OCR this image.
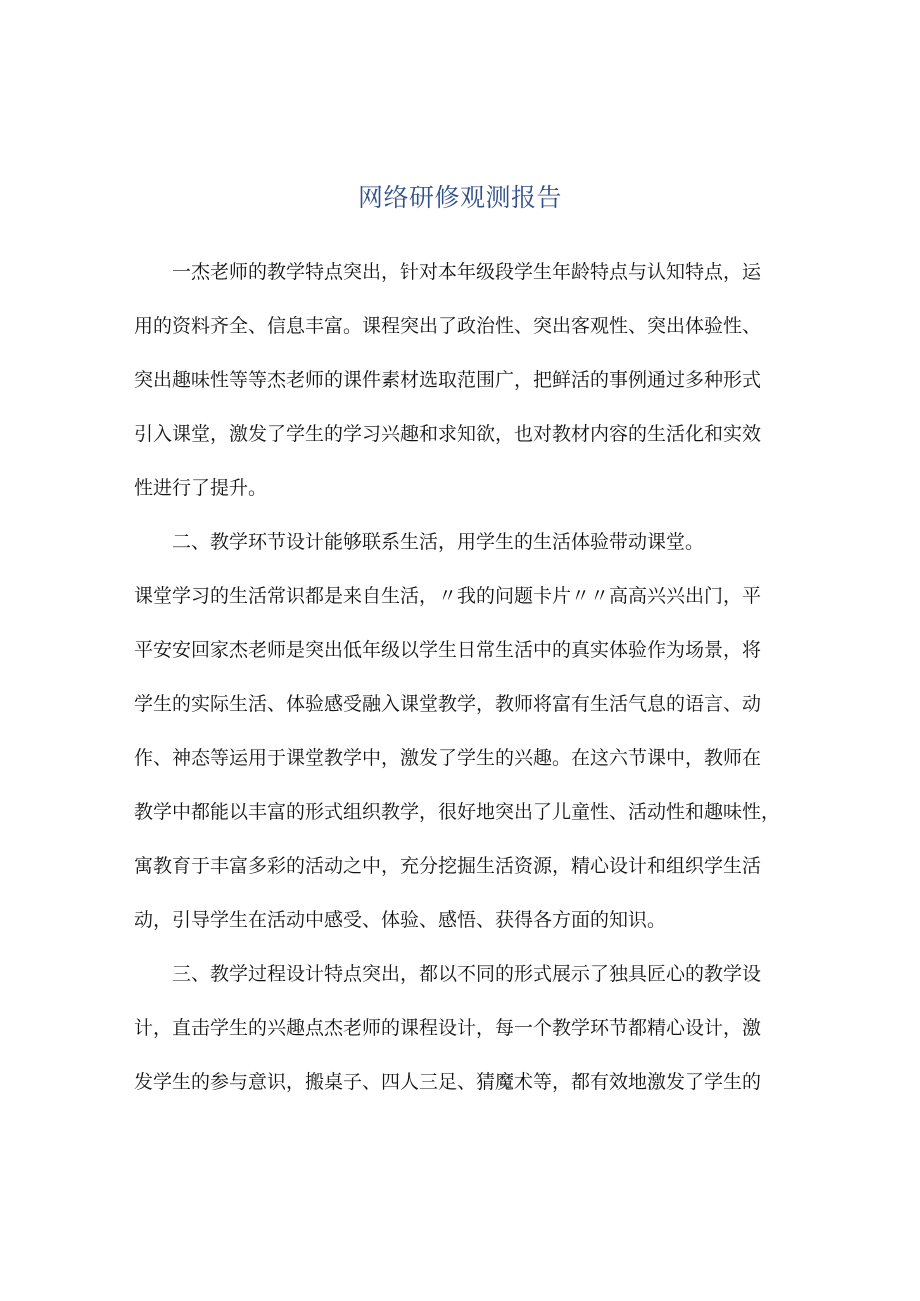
网络研修观测报告
　　一杰老师的教学特点突出，针对本年级段学生年龄特点与认知特点，运
用的资料齐全、信息丰富。课程突出了政治性、突出客观性、突出体验性、
突出趣味性等等杰老师的课件素材选取范围广，把鲜活的事例通过多种形式
引入课堂，激发了学生的学习兴趣和求知欲，也对教材内容的生活化和实效
性进行了提升。
　　二、教学环节设计能够联系生活，用学生的生活体验带动课堂。
课堂学习的生活常识都是来自生活，〃我的问题卡片〃〃高高兴兴出门，平
平安安回家杰老师是突出低年级以学生日常生活中的真实体验作为场景，将
学生的实际生活、体验感受融入课堂教学，教师将富有生活气息的语言、动
作、神态等运用于课堂教学中，激发了学生的兴趣。在这六节课中，教师在
教学中都能以丰富的形式组织教学，很好地突出了儿童性、活动性和趣味性，
寓教育于丰富多彩的活动之中，充分挖掘生活资源，精心设计和组织学生活
动，引导学生在活动中感受、体验、感悟、获得各方面的知识。
　　三、教学过程设计特点突出，都以不同的形式展示了独具匠心的教学设
计，直击学生的兴趣点杰老师的课程设计，每一个教学环节都精心设计，激
发学生的参与意识，搬桌子、四人三足、猜魔术等，都有效地激发了学生的
